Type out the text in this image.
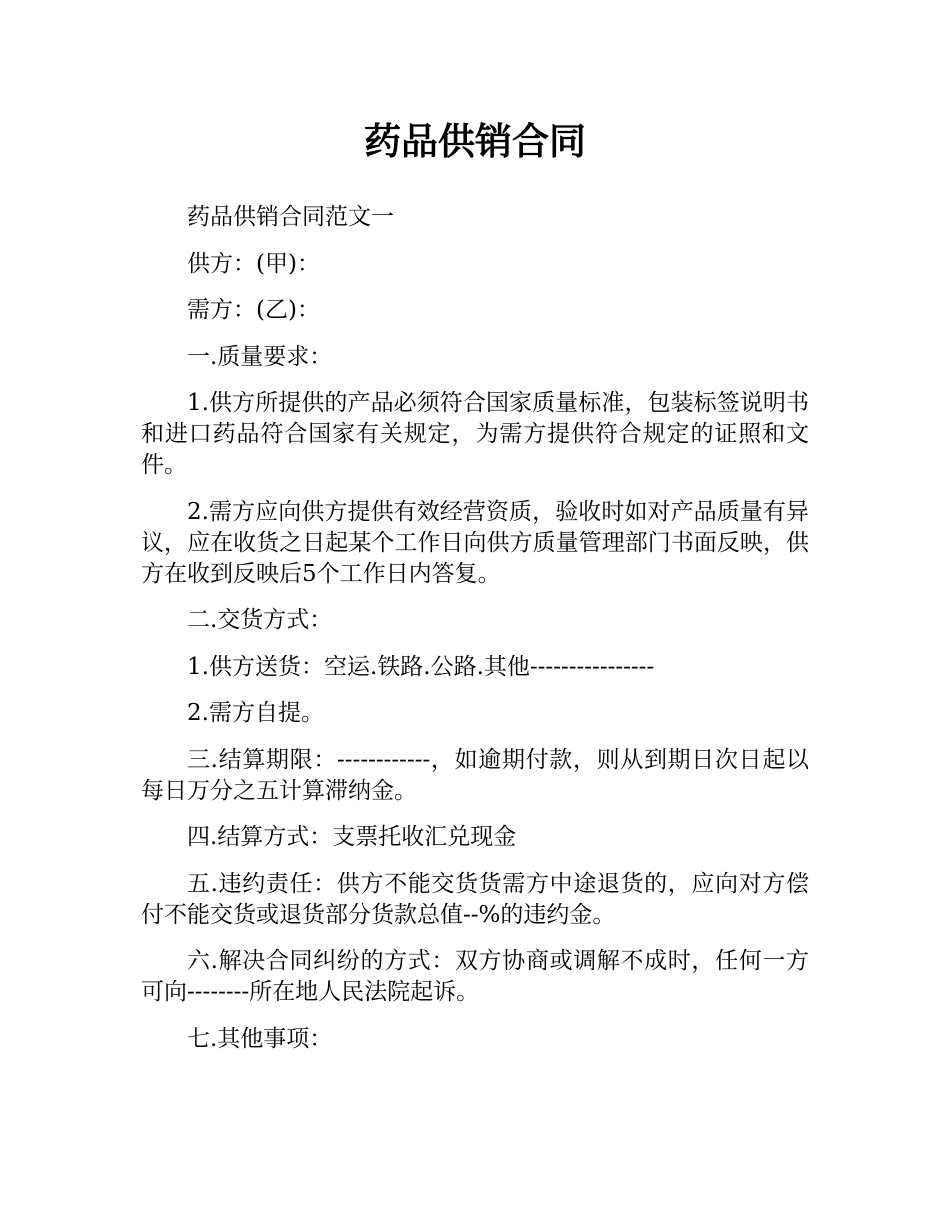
药品供销合同

药品供销合同范文一

供方：(甲)：

需方：(乙)：

一.质量要求：

1.供方所提供的产品必须符合国家质量标准，包装标签说明书和进口药品符合国家有关规定，为需方提供符合规定的证照和文件。

2.需方应向供方提供有效经营资质，验收时如对产品质量有异议，应在收货之日起某个工作日向供方质量管理部门书面反映，供方在收到反映后5个工作日内答复。

二.交货方式：

1.供方送货：空运.铁路.公路.其他----------------

2.需方自提。

三.结算期限：------------，如逾期付款，则从到期日次日起以每日万分之五计算滞纳金。

四.结算方式：支票托收汇兑现金

五.违约责任：供方不能交货货需方中途退货的，应向对方偿付不能交货或退货部分货款总值--%的违约金。

六.解决合同纠纷的方式：双方协商或调解不成时，任何一方可向--------所在地人民法院起诉。

七.其他事项：
